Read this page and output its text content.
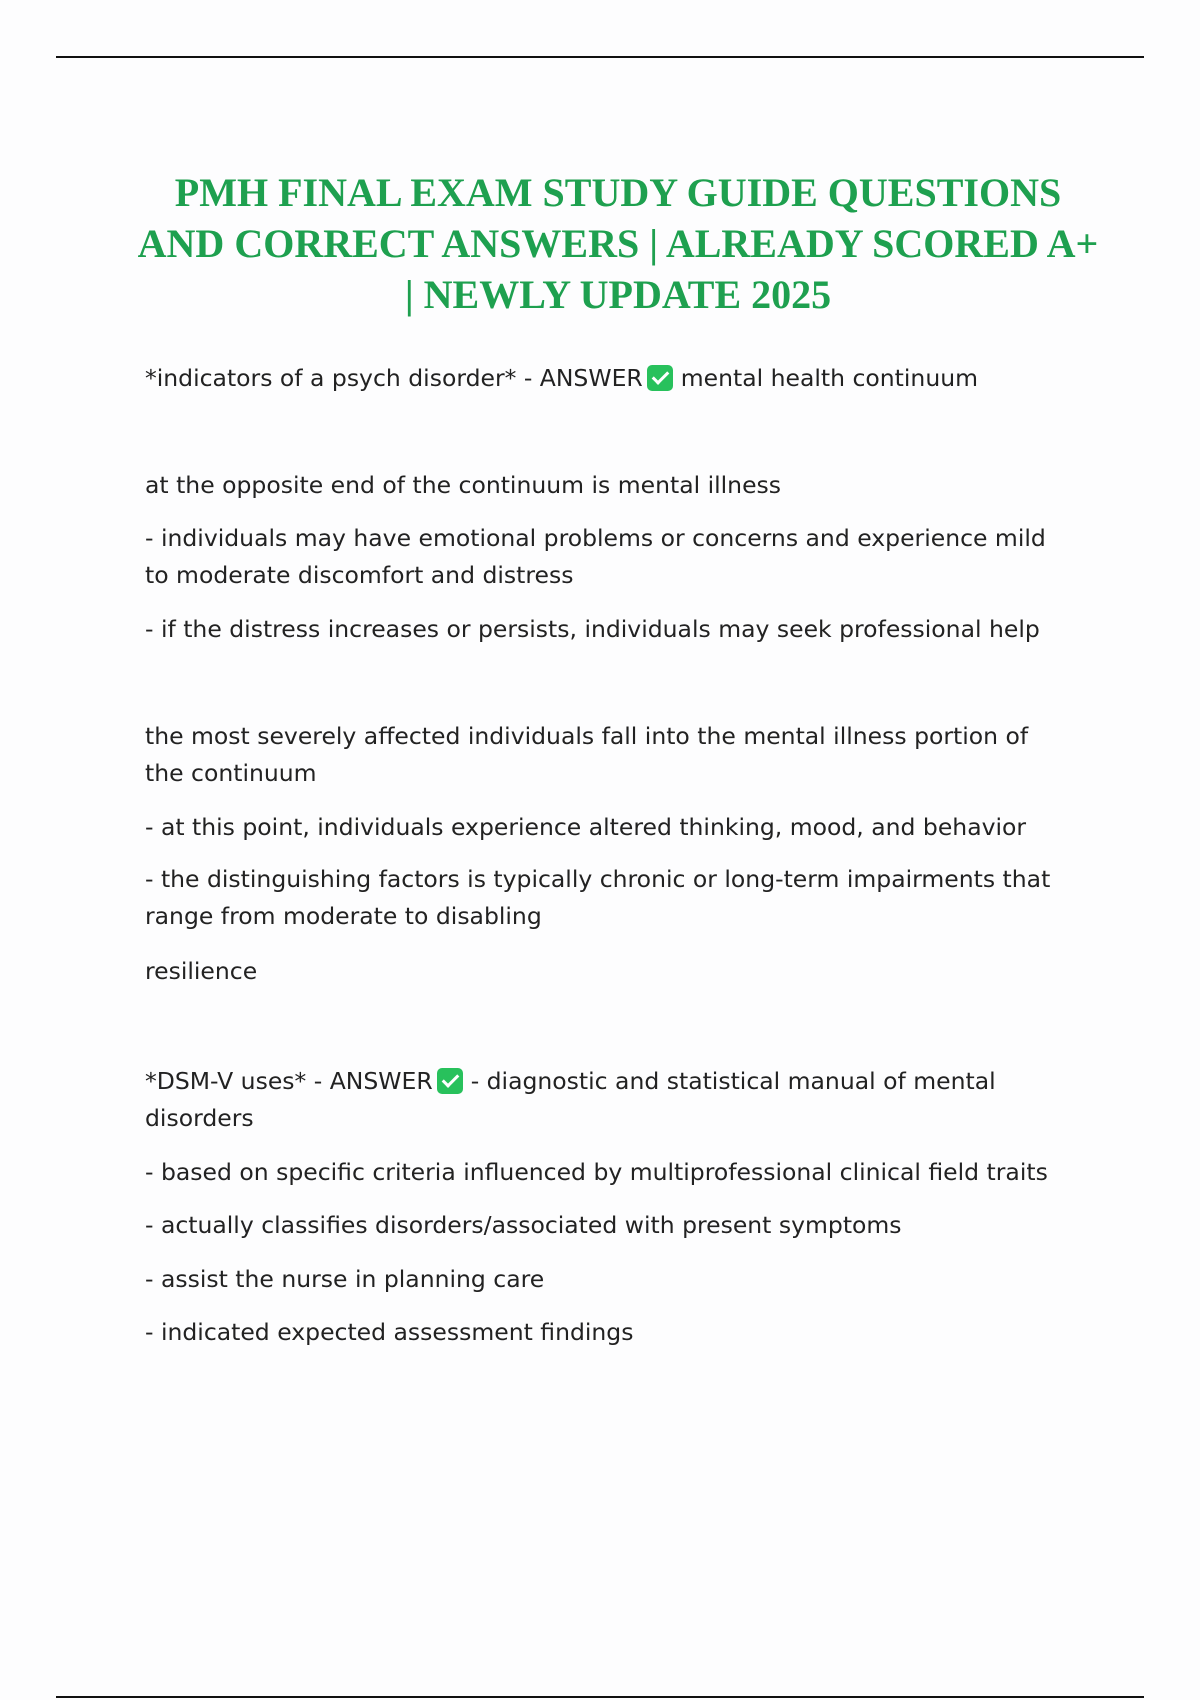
PMH FINAL EXAM STUDY GUIDE QUESTIONS AND CORRECT ANSWERS | ALREADY SCORED A+ | NEWLY UPDATE 2025
*indicators of a psych disorder* - ANSWER mental health continuum
at the opposite end of the continuum is mental illness
- individuals may have emotional problems or concerns and experience mild to moderate discomfort and distress
- if the distress increases or persists, individuals may seek professional help
the most severely affected individuals fall into the mental illness portion of the continuum
- at this point, individuals experience altered thinking, mood, and behavior
- the distinguishing factors is typically chronic or long-term impairments that range from moderate to disabling
resilience
*DSM-V uses* - ANSWER - diagnostic and statistical manual of mental disorders
- based on specific criteria influenced by multiprofessional clinical field traits
- actually classifies disorders/associated with present symptoms
- assist the nurse in planning care
- indicated expected assessment findings
